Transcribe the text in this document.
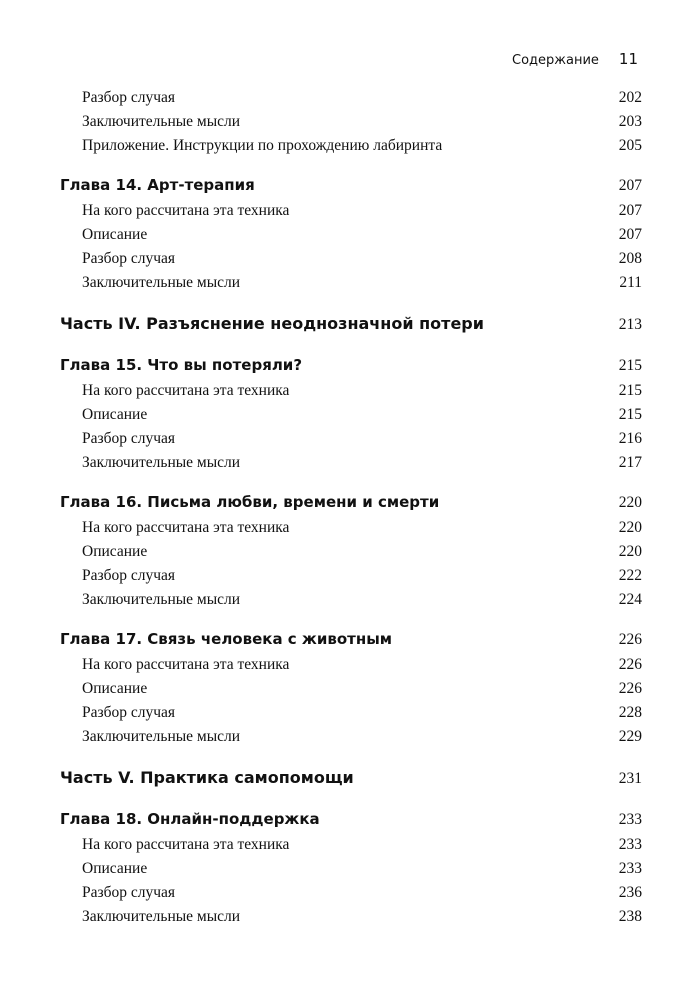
Содержание 11
Разбор случая	202
Заключительные мысли	203
Приложение. Инструкции по прохождению лабиринта	205
Глава 14. Арт-терапия	207
На кого рассчитана эта техника	207
Описание	207
Разбор случая	208
Заключительные мысли	211
Часть IV. Разъяснение неоднозначной потери	213
Глава 15. Что вы потеряли?	215
На кого рассчитана эта техника	215
Описание	215
Разбор случая	216
Заключительные мысли	217
Глава 16. Письма любви, времени и смерти	220
На кого рассчитана эта техника	220
Описание	220
Разбор случая	222
Заключительные мысли	224
Глава 17. Связь человека с животным	226
На кого рассчитана эта техника	226
Описание	226
Разбор случая	228
Заключительные мысли	229
Часть V. Практика самопомощи	231
Глава 18. Онлайн-поддержка	233
На кого рассчитана эта техника	233
Описание	233
Разбор случая	236
Заключительные мысли	238
